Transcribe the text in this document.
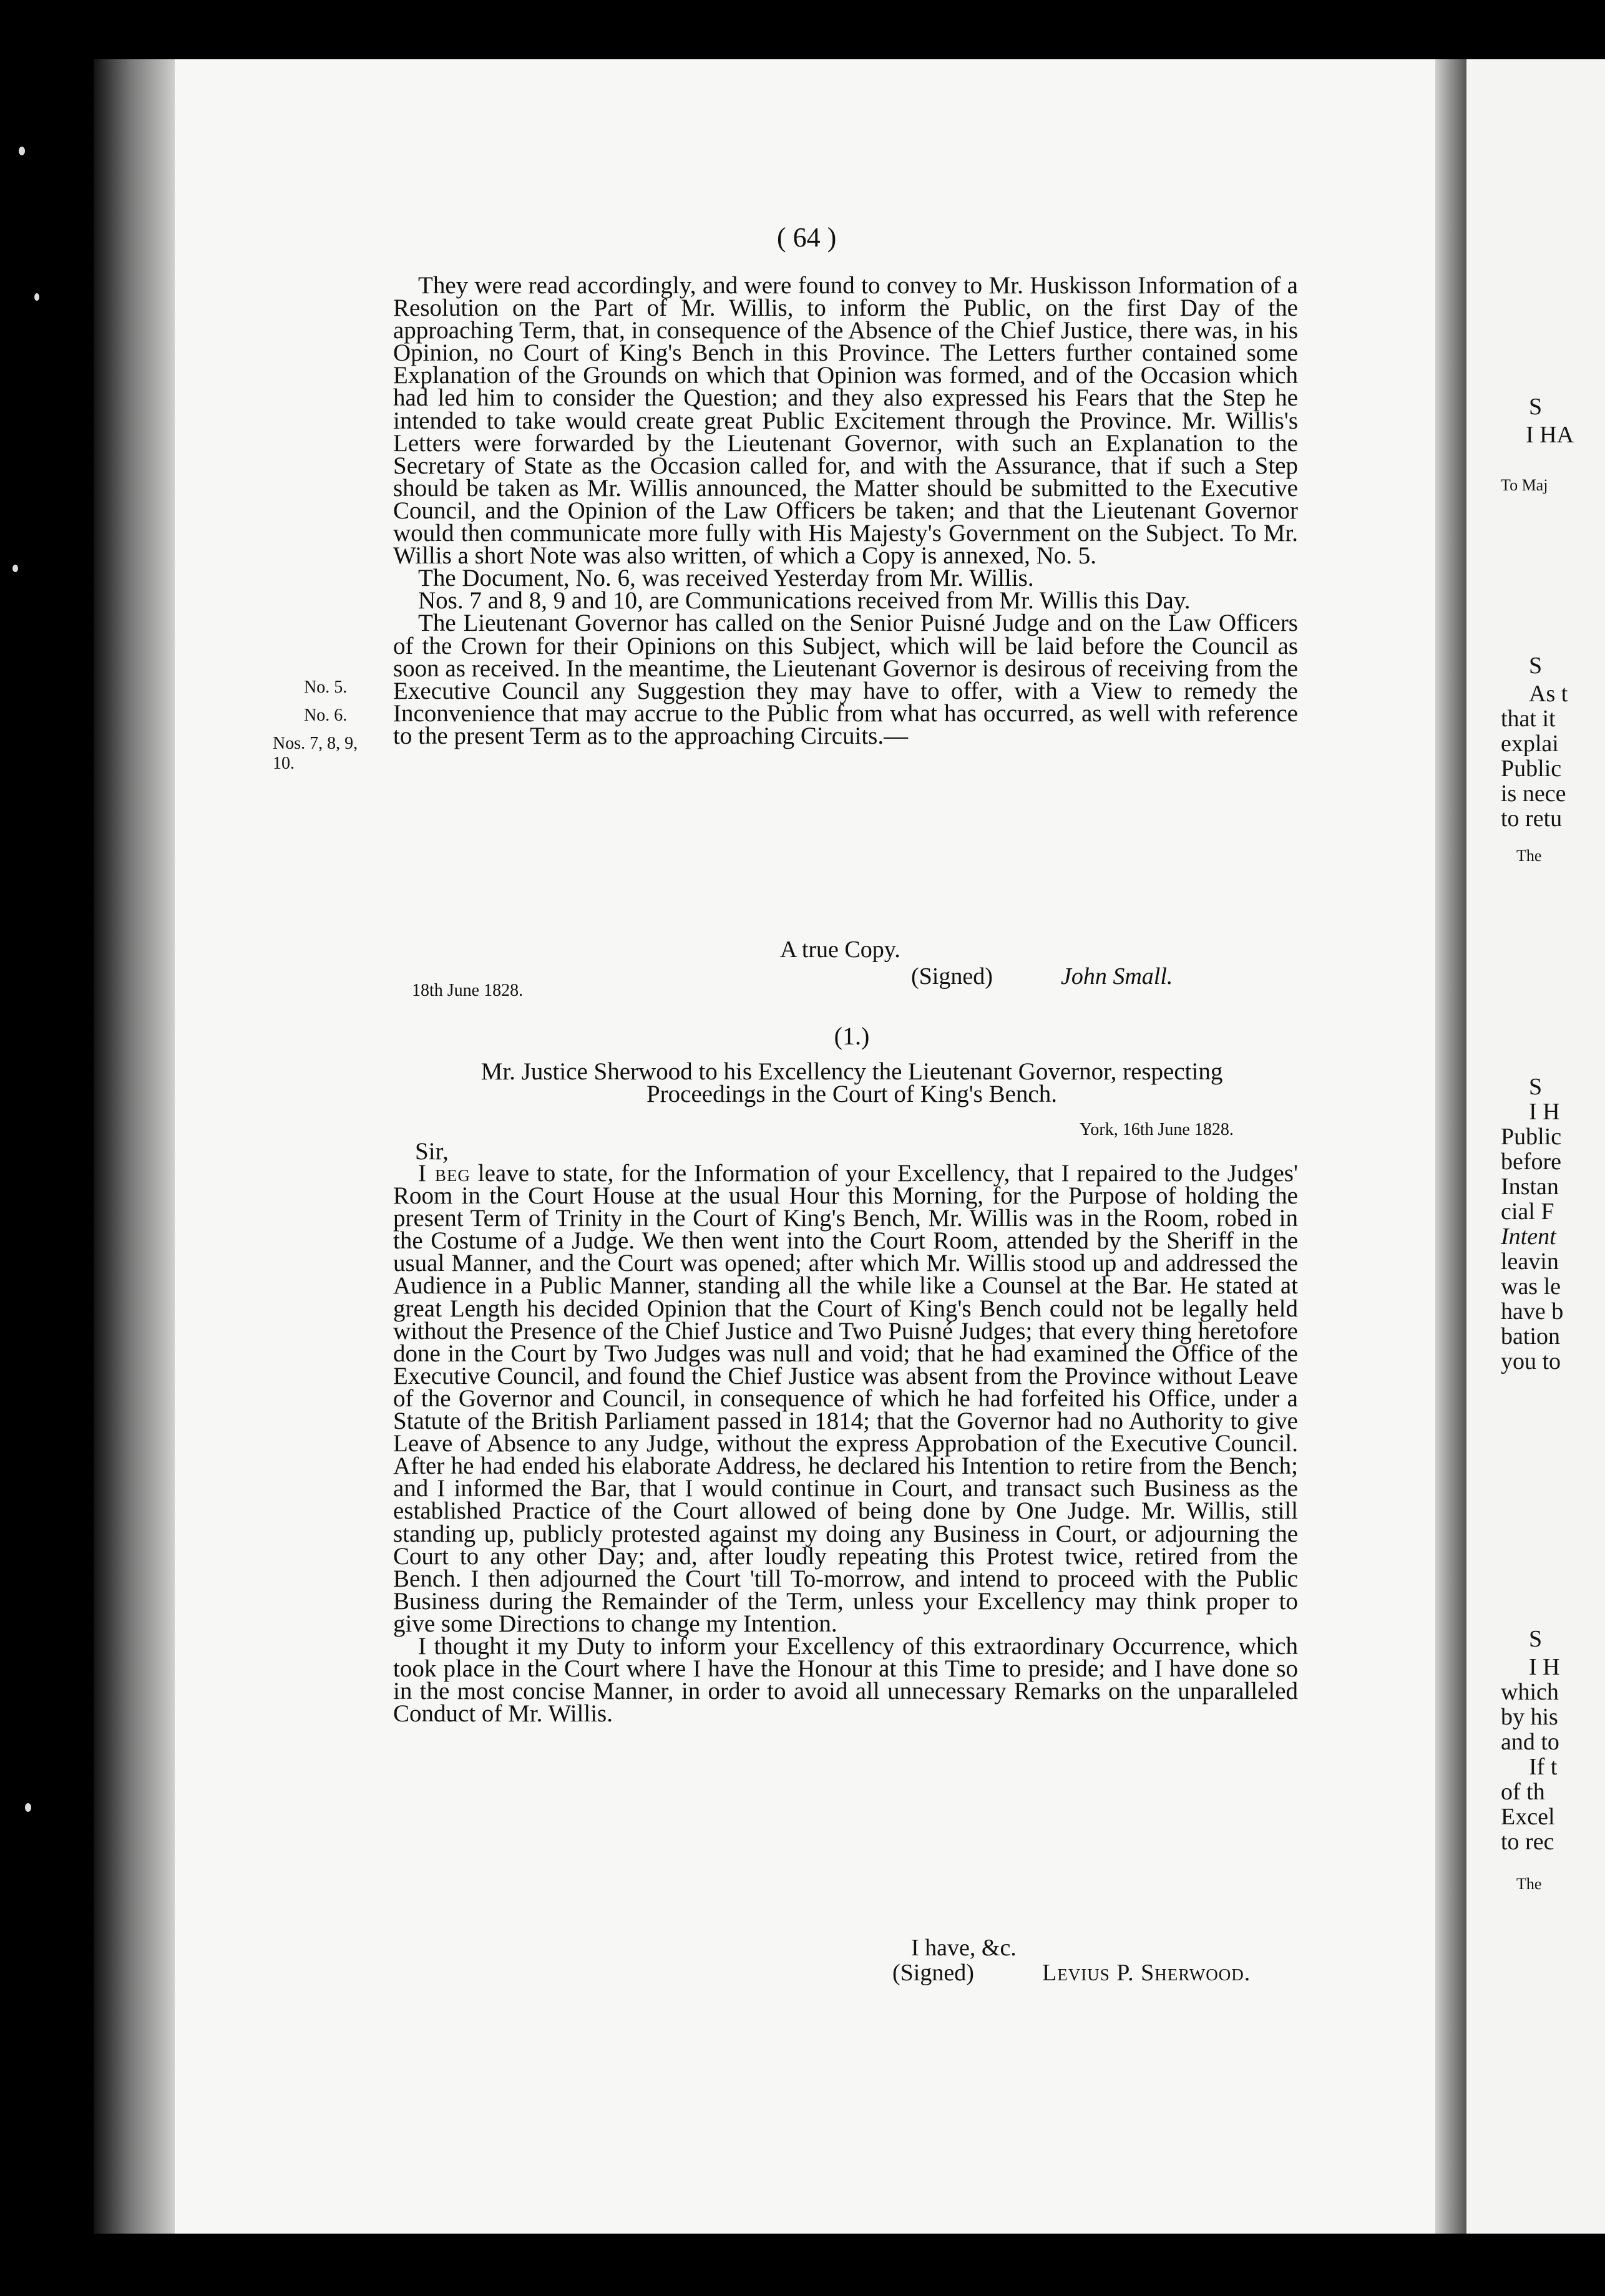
S
I HA
To Maj
S
As t
that it
explai
Public
is nece
to retu
The
S
I H
Public
before
Instan
cial F
Intent
leavin
was le
have b
bation
you to
S
I H
which
by his
and to
If t
of th
Excel
to rec
The
( 64 )

They were read accordingly, and were found to convey to Mr. Huskisson Information of a Resolution on the Part of Mr. Willis, to inform the Public, on the first Day of the approaching Term, that, in consequence of the Absence of the Chief Justice, there was, in his Opinion, no Court of King's Bench in this Province. The Letters further contained some Explanation of the Grounds on which that Opinion was formed, and of the Occasion which had led him to consider the Question; and they also expressed his Fears that the Step he intended to take would create great Public Excitement through the Province. Mr. Willis's Letters were forwarded by the Lieutenant Governor, with such an Explanation to the Secretary of State as the Occasion called for, and with the Assurance, that if such a Step should be taken as Mr. Willis announced, the Matter should be submitted to the Executive Council, and the Opinion of the Law Officers be taken; and that the Lieutenant Governor would then communicate more fully with His Majesty's Government on the Subject. To Mr. Willis a short Note was also written, of which a Copy is annexed, No. 5.

The Document, No. 6, was received Yesterday from Mr. Willis.

Nos. 7 and 8, 9 and 10, are Communications received from Mr. Willis this Day.

The Lieutenant Governor has called on the Senior Puisné Judge and on the Law Officers of the Crown for their Opinions on this Subject, which will be laid before the Council as soon as received. In the meantime, the Lieutenant Governor is desirous of receiving from the Executive Council any Suggestion they may have to offer, with a View to remedy the Inconvenience that may accrue to the Public from what has occurred, as well with reference to the present Term as to the approaching Circuits.—

No. 5.
No. 6.
Nos. 7, 8, 9,
10.
A true Copy.
18th June 1828.
(Signed)	John Small.
(1.)
Mr. Justice Sherwood to his Excellency the Lieutenant Governor, respecting
Proceedings in the Court of King's Bench.
York, 16th June 1828.
Sir,

I beg leave to state, for the Information of your Excellency, that I repaired to the Judges' Room in the Court House at the usual Hour this Morning, for the Purpose of holding the present Term of Trinity in the Court of King's Bench, Mr. Willis was in the Room, robed in the Costume of a Judge. We then went into the Court Room, attended by the Sheriff in the usual Manner, and the Court was opened; after which Mr. Willis stood up and addressed the Audience in a Public Manner, standing all the while like a Counsel at the Bar. He stated at great Length his decided Opinion that the Court of King's Bench could not be legally held without the Presence of the Chief Justice and Two Puisné Judges; that every thing heretofore done in the Court by Two Judges was null and void; that he had examined the Office of the Executive Council, and found the Chief Justice was absent from the Province without Leave of the Governor and Council, in consequence of which he had forfeited his Office, under a Statute of the British Parliament passed in 1814; that the Governor had no Authority to give Leave of Absence to any Judge, without the express Approbation of the Executive Council. After he had ended his elaborate Address, he declared his Intention to retire from the Bench; and I informed the Bar, that I would continue in Court, and transact such Business as the established Practice of the Court allowed of being done by One Judge. Mr. Willis, still standing up, publicly protested against my doing any Business in Court, or adjourning the Court to any other Day; and, after loudly repeating this Protest twice, retired from the Bench. I then adjourned the Court 'till To-morrow, and intend to proceed with the Public Business during the Remainder of the Term, unless your Excellency may think proper to give some Directions to change my Intention.

I thought it my Duty to inform your Excellency of this extraordinary Occurrence, which took place in the Court where I have the Honour at this Time to preside; and I have done so in the most concise Manner, in order to avoid all unnecessary Remarks on the unparalleled Conduct of Mr. Willis.

I have, &c.
(Signed)	Levius P. Sherwood.
